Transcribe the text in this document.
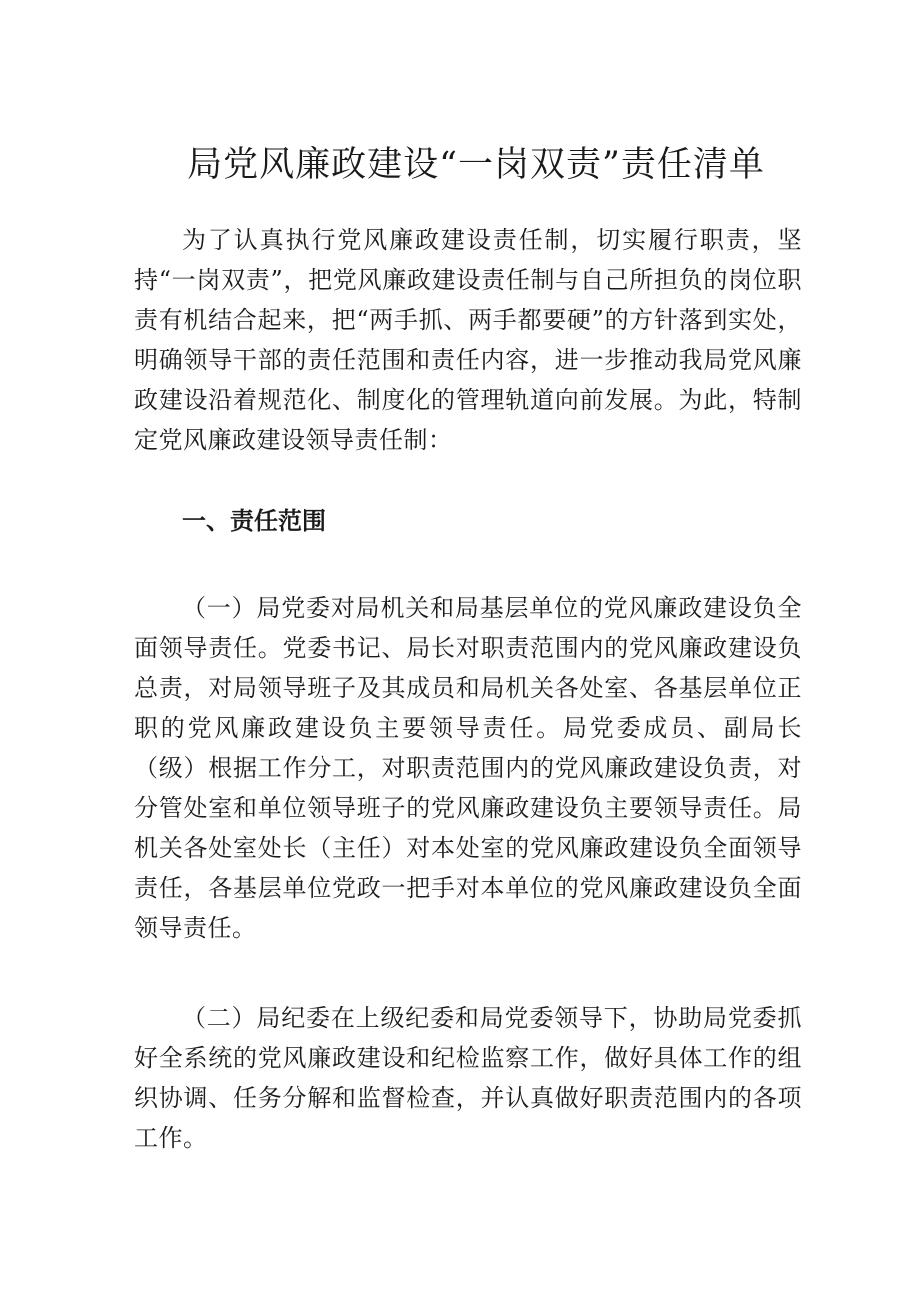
局党风廉政建设“一岗双责”责任清单

为了认真执行党风廉政建设责任制，切实履行职责，坚持“一岗双责”，把党风廉政建设责任制与自己所担负的岗位职责有机结合起来，把“两手抓、两手都要硬”的方针落到实处，明确领导干部的责任范围和责任内容，进一步推动我局党风廉政建设沿着规范化、制度化的管理轨道向前发展。为此，特制定党风廉政建设领导责任制：

一、责任范围

（一）局党委对局机关和局基层单位的党风廉政建设负全面领导责任。党委书记、局长对职责范围内的党风廉政建设负总责，对局领导班子及其成员和局机关各处室、各基层单位正职的党风廉政建设负主要领导责任。局党委成员、副局长（级）根据工作分工，对职责范围内的党风廉政建设负责，对分管处室和单位领导班子的党风廉政建设负主要领导责任。局机关各处室处长（主任）对本处室的党风廉政建设负全面领导责任，各基层单位党政一把手对本单位的党风廉政建设负全面领导责任。

（二）局纪委在上级纪委和局党委领导下，协助局党委抓好全系统的党风廉政建设和纪检监察工作，做好具体工作的组织协调、任务分解和监督检查，并认真做好职责范围内的各项工作。
